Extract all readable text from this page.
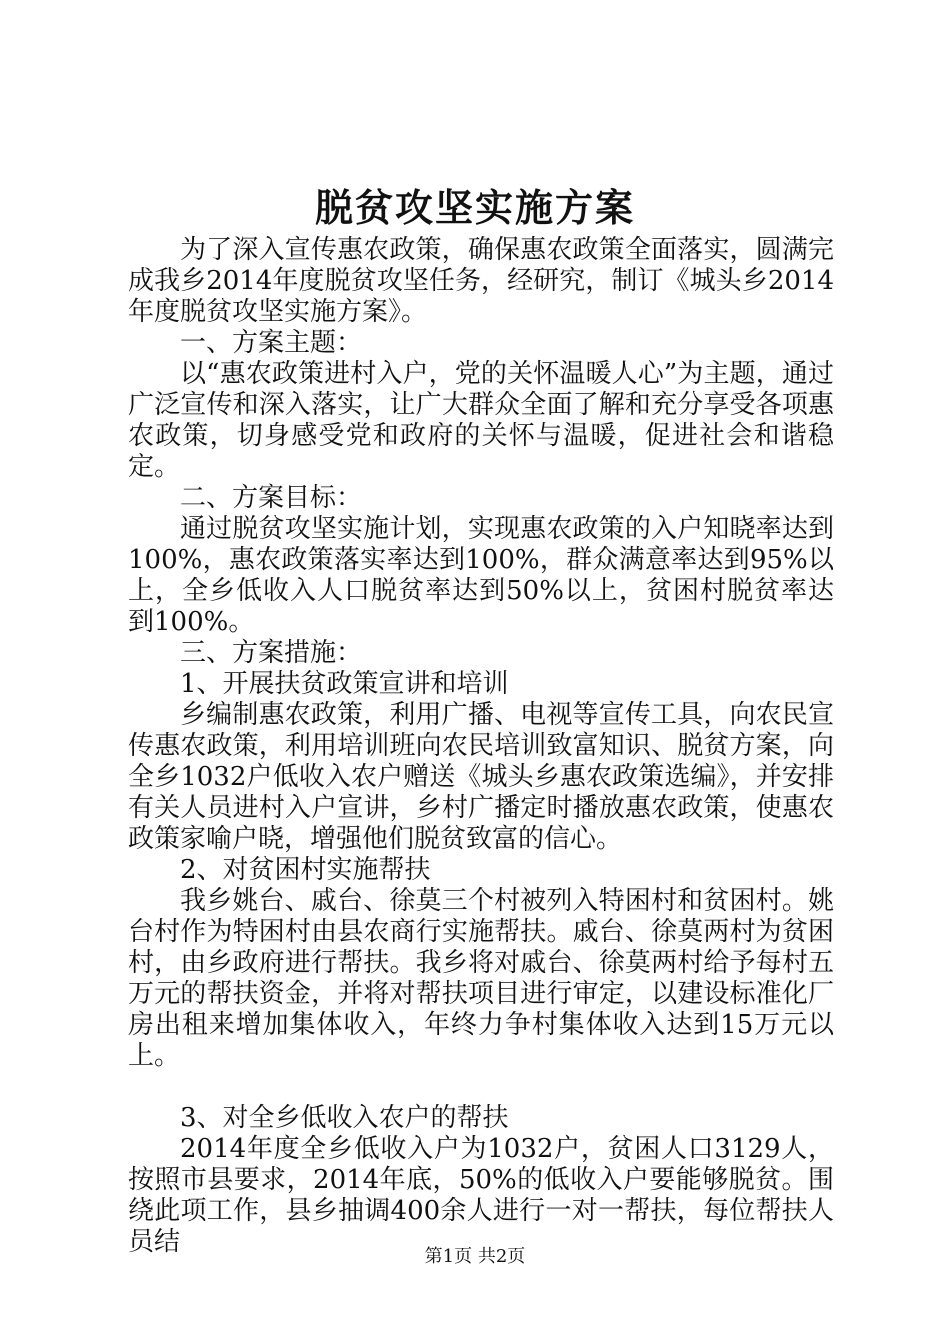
脱贫攻坚实施方案

为了深入宣传惠农政策，确保惠农政策全面落实，圆满完成我乡2014年度脱贫攻坚任务，经研究，制订《城头乡2014年度脱贫攻坚实施方案》。

一、方案主题：

以“惠农政策进村入户，党的关怀温暖人心”为主题，通过广泛宣传和深入落实，让广大群众全面了解和充分享受各项惠农政策，切身感受党和政府的关怀与温暖，促进社会和谐稳定。

二、方案目标：

通过脱贫攻坚实施计划，实现惠农政策的入户知晓率达到100%，惠农政策落实率达到100%，群众满意率达到95%以上，全乡低收入人口脱贫率达到50%以上，贫困村脱贫率达到100%。

三、方案措施：

1、开展扶贫政策宣讲和培训

乡编制惠农政策，利用广播、电视等宣传工具，向农民宣传惠农政策，利用培训班向农民培训致富知识、脱贫方案，向全乡1032户低收入农户赠送《城头乡惠农政策选编》，并安排有关人员进村入户宣讲，乡村广播定时播放惠农政策，使惠农政策家喻户晓，增强他们脱贫致富的信心。

2、对贫困村实施帮扶

我乡姚台、戚台、徐莫三个村被列入特困村和贫困村。姚台村作为特困村由县农商行实施帮扶。戚台、徐莫两村为贫困村，由乡政府进行帮扶。我乡将对戚台、徐莫两村给予每村五万元的帮扶资金，并将对帮扶项目进行审定，以建设标准化厂房出租来增加集体收入，年终力争村集体收入达到15万元以上。

3、对全乡低收入农户的帮扶

2014年度全乡低收入户为1032户，贫困人口3129人，按照市县要求，2014年底，50%的低收入户要能够脱贫。围绕此项工作，县乡抽调400余人进行一对一帮扶，每位帮扶人员结	第1页 共2页
